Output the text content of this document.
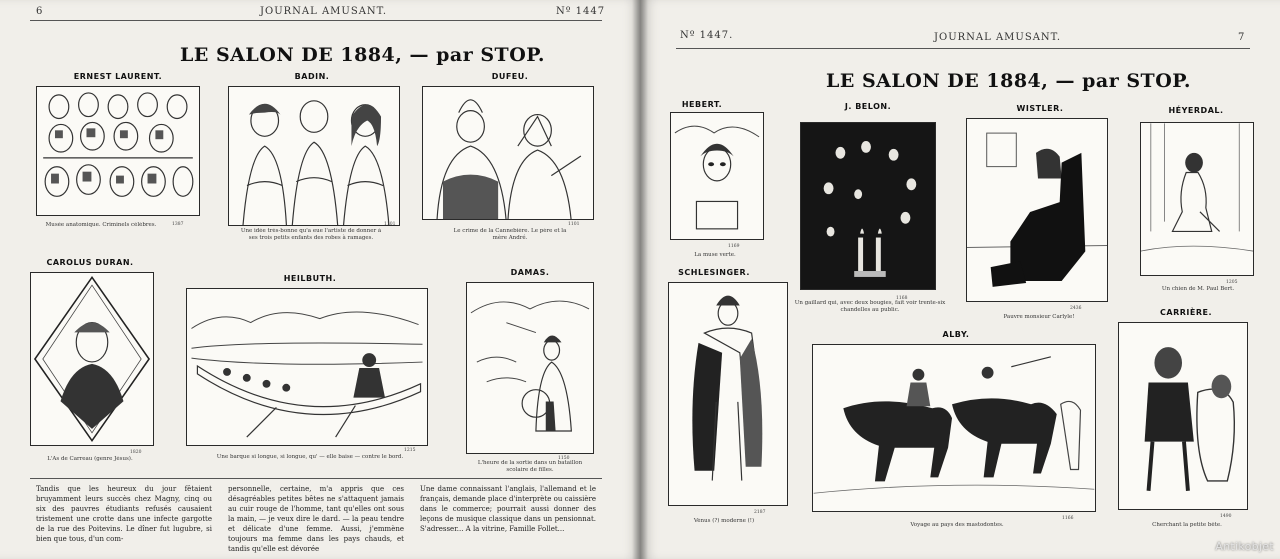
6	JOURNAL AMUSANT.	Nº 1447
LE SALON DE 1884, — par STOP.
ERNEST LAURENT.
Musée anatomique. Criminels célèbres.	1387
BADIN.
Une idée très-bonne qu'a eue l'artiste de donner à ses trois petits enfants des robes à ramages.
1101
DUFEU.
Le crime de la Cannebière. Le père et la mère André.
1101
CAROLUS DURAN.
L'As de Carreau (genre Jésus).
1820
HEILBUTH.
Une barque si longue, si longue, qu' — elle baise — contre le bord.
1215
DAMAS.
L'heure de la sortie dans un bataillon scolaire de filles.
1150
Tandis que les heureux du jour fêtaient bruyamment leurs succès chez Magny, cinq ou six des pauvres étudiants refusés causaient tristement une crotte dans une infecte gargotte de la rue des Poitevins. Le dîner fut lugubre, si bien que tous, d'un com-
personnelle, certaine, m'a appris que ces désagréables petites bêtes ne s'attaquent jamais au cuir rouge de l'homme, tant qu'elles ont sous la main, — je veux dire le dard. — la peau tendre et délicate d'une femme. Aussi, j'emmène toujours ma femme dans les pays chauds, et tandis qu'elle est dévorée
Une dame connaissant l'anglais, l'allemand et le français, demande place d'interprète ou caissière dans le commerce; pourrait aussi donner des leçons de musique classique dans un pensionnat. S'adresser... A la vitrine, Famille Follet...
Nº 1447.	JOURNAL AMUSANT.	7
LE SALON DE 1884, — par STOP.
HEBERT.
La muse verte.
1169
J. BELON.
Un gaillard qui, avec deux bougies, fait voir trente-six chandelles au public.
1168
WISTLER.
Pauvre monsieur Carlyle!
2436
HÉYERDAL.
Un chien de M. Paul Bert.
1205
SCHLESINGER.
Vénus (?) moderne (!)
2187
ALBY.
Voyage au pays des mastodontes.
1166
CARRIÈRE.
Cherchant la petite bête.
1490
Antikobjet
